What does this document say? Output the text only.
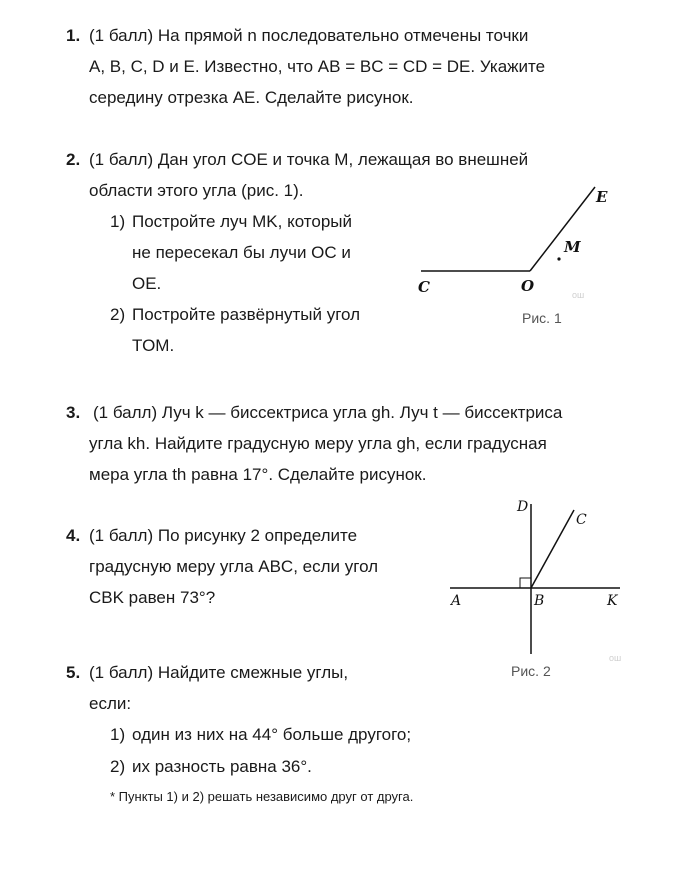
1. (1 балл) На прямой n последовательно отмечены точки
A, B, C, D и E. Известно, что AB = BC = CD = DE. Укажите
середину отрезка AE. Сделайте рисунок.
2. (1 балл) Дан угол COE и точка M, лежащая во внешней
области этого угла (рис. 1).
1) Постройте луч MK, который
не пересекал бы лучи OC и
OE.
2) Постройте развёрнутый угол
TOM.
E
M
C	O	ош
Рис. 1
3. (1 балл) Луч k — биссектриса угла gh. Луч t — биссектриса
угла kh. Найдите градусную меру угла gh, если градусная
мера угла th равна 17°. Сделайте рисунок.
4. (1 балл) По рисунку 2 определите
градусную меру угла ABC, если угол
CBK равен 73°?
D
C
A	B	K
ош
Рис. 2
5. (1 балл) Найдите смежные углы,
если:
1) один из них на 44° больше другого;
2) их разность равна 36°.
* Пункты 1) и 2) решать независимо друг от друга.
